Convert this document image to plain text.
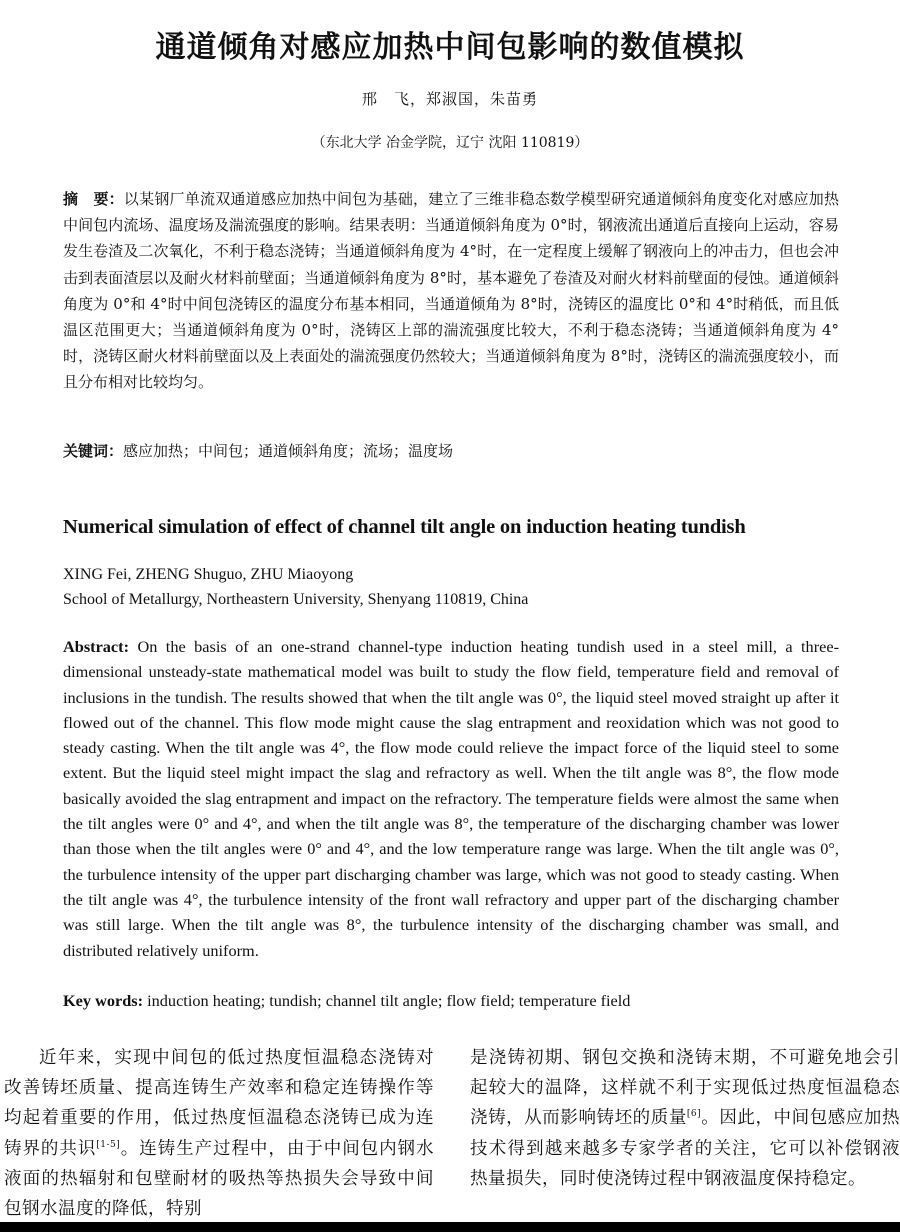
通道倾角对感应加热中间包影响的数值模拟
邢　飞，郑淑国，朱苗勇
（东北大学 冶金学院，辽宁 沈阳 110819）
摘　要：以某钢厂单流双通道感应加热中间包为基础，建立了三维非稳态数学模型研究通道倾斜角度变化对感应加热中间包内流场、温度场及湍流强度的影响。结果表明：当通道倾斜角度为 0°时，钢液流出通道后直接向上运动，容易发生卷渣及二次氧化，不利于稳态浇铸；当通道倾斜角度为 4°时，在一定程度上缓解了钢液向上的冲击力，但也会冲击到表面渣层以及耐火材料前壁面；当通道倾斜角度为 8°时，基本避免了卷渣及对耐火材料前壁面的侵蚀。通道倾斜角度为 0°和 4°时中间包浇铸区的温度分布基本相同，当通道倾角为 8°时，浇铸区的温度比 0°和 4°时稍低，而且低温区范围更大；当通道倾斜角度为 0°时，浇铸区上部的湍流强度比较大，不利于稳态浇铸；当通道倾斜角度为 4°时，浇铸区耐火材料前壁面以及上表面处的湍流强度仍然较大；当通道倾斜角度为 8°时，浇铸区的湍流强度较小，而且分布相对比较均匀。
关键词：感应加热；中间包；通道倾斜角度；流场；温度场
Numerical simulation of effect of channel tilt angle on induction heating tundish
XING Fei, ZHENG Shuguo, ZHU Miaoyong
School of Metallurgy, Northeastern University, Shenyang 110819, China
Abstract: On the basis of an one-strand channel-type induction heating tundish used in a steel mill, a three-dimensional unsteady-state mathematical model was built to study the flow field, temperature field and removal of inclusions in the tundish. The results showed that when the tilt angle was 0°, the liquid steel moved straight up after it flowed out of the channel. This flow mode might cause the slag entrapment and reoxidation which was not good to steady casting. When the tilt angle was 4°, the flow mode could relieve the impact force of the liquid steel to some extent. But the liquid steel might impact the slag and refractory as well. When the tilt angle was 8°, the flow mode basically avoided the slag entrapment and impact on the refractory. The temperature fields were almost the same when the tilt angles were 0° and 4°, and when the tilt angle was 8°, the temperature of the discharging chamber was lower than those when the tilt angles were 0° and 4°, and the low temperature range was large. When the tilt angle was 0°, the turbulence intensity of the upper part discharging chamber was large, which was not good to steady casting. When the tilt angle was 4°, the turbulence intensity of the front wall refractory and upper part of the discharging chamber was still large. When the tilt angle was 8°, the turbulence intensity of the discharging chamber was small, and distributed relatively uniform.
Key words: induction heating; tundish; channel tilt angle; flow field; temperature field
近年来，实现中间包的低过热度恒温稳态浇铸对改善铸坯质量、提高连铸生产效率和稳定连铸操作等均起着重要的作用，低过热度恒温稳态浇铸已成为连铸界的共识[1-5]。连铸生产过程中，由于中间包内钢水液面的热辐射和包壁耐材的吸热等热损失会导致中间包钢水温度的降低，特别
是浇铸初期、钢包交换和浇铸末期，不可避免地会引起较大的温降，这样就不利于实现低过热度恒温稳态浇铸，从而影响铸坯的质量[6]。因此，中间包感应加热技术得到越来越多专家学者的关注，它可以补偿钢液热量损失，同时使浇铸过程中钢液温度保持稳定。
